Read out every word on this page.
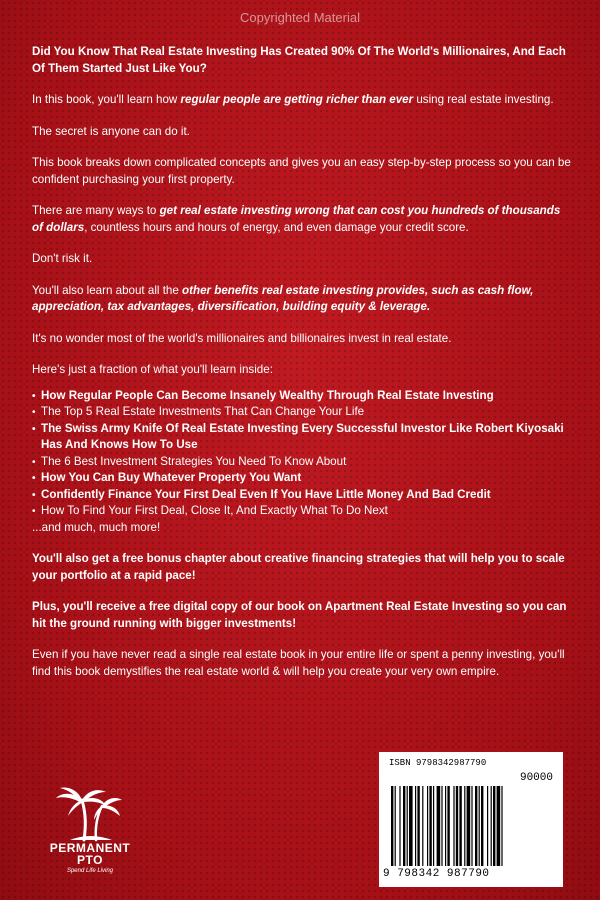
Copyrighted Material

Did You Know That Real Estate Investing Has Created 90% Of The World's Millionaires, And Each Of Them Started Just Like You?

In this book, you'll learn how regular people are getting richer than ever using real estate investing.

The secret is anyone can do it.

This book breaks down complicated concepts and gives you an easy step-by-step process so you can be confident purchasing your first property.

There are many ways to get real estate investing wrong that can cost you hundreds of thousands of dollars, countless hours and hours of energy, and even damage your credit score.

Don't risk it.

You'll also learn about all the other benefits real estate investing provides, such as cash flow, appreciation, tax advantages, diversification, building equity & leverage.

It's no wonder most of the world's millionaires and billionaires invest in real estate.

Here's just a fraction of what you'll learn inside:

• How Regular People Can Become Insanely Wealthy Through Real Estate Investing
• The Top 5 Real Estate Investments That Can Change Your Life
• The Swiss Army Knife Of Real Estate Investing Every Successful Investor Like Robert Kiyosaki Has And Knows How To Use
• The 6 Best Investment Strategies You Need To Know About
• How You Can Buy Whatever Property You Want
• Confidently Finance Your First Deal Even If You Have Little Money And Bad Credit
• How To Find Your First Deal, Close It, And Exactly What To Do Next
...and much, much more!

You'll also get a free bonus chapter about creative financing strategies that will help you to scale your portfolio at a rapid pace!

Plus, you'll receive a free digital copy of our book on Apartment Real Estate Investing so you can hit the ground running with bigger investments!

Even if you have never read a single real estate book in your entire life or spent a penny investing, you'll find this book demystifies the real estate world & will help you create your very own empire.

PERMANENT
PTO
Spend Life Living
ISBN 9798342987790
90000
9 798342 987790
